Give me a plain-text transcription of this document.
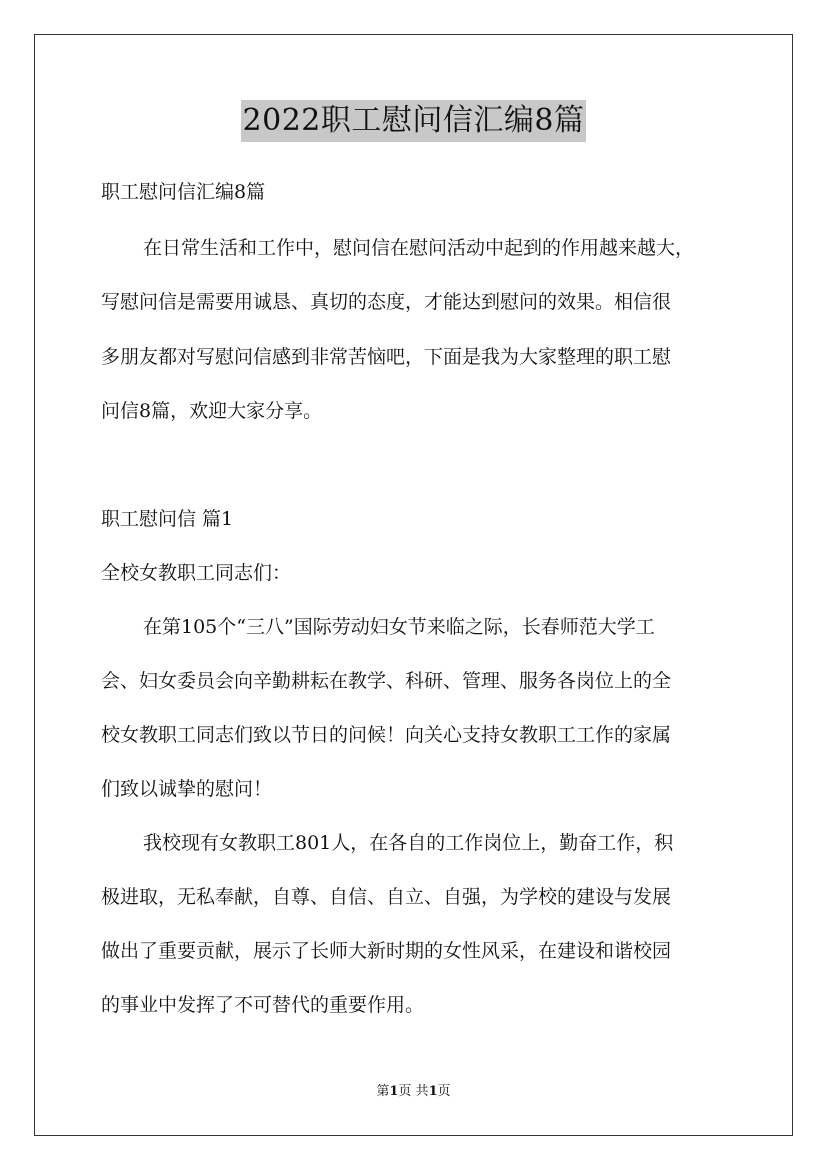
2022职工慰问信汇编8篇

职工慰问信汇编8篇

在日常生活和工作中，慰问信在慰问活动中起到的作用越来越大，

写慰问信是需要用诚恳、真切的态度，才能达到慰问的效果。相信很

多朋友都对写慰问信感到非常苦恼吧，下面是我为大家整理的职工慰

问信8篇，欢迎大家分享。

职工慰问信 篇1

全校女教职工同志们：

在第105个“三八”国际劳动妇女节来临之际，长春师范大学工

会、妇女委员会向辛勤耕耘在教学、科研、管理、服务各岗位上的全

校女教职工同志们致以节日的问候！向关心支持女教职工工作的家属

们致以诚挚的慰问！

我校现有女教职工801人，在各自的工作岗位上，勤奋工作，积

极进取，无私奉献，自尊、自信、自立、自强，为学校的建设与发展

做出了重要贡献，展示了长师大新时期的女性风采，在建设和谐校园

的事业中发挥了不可替代的重要作用。

第1页 共1页
